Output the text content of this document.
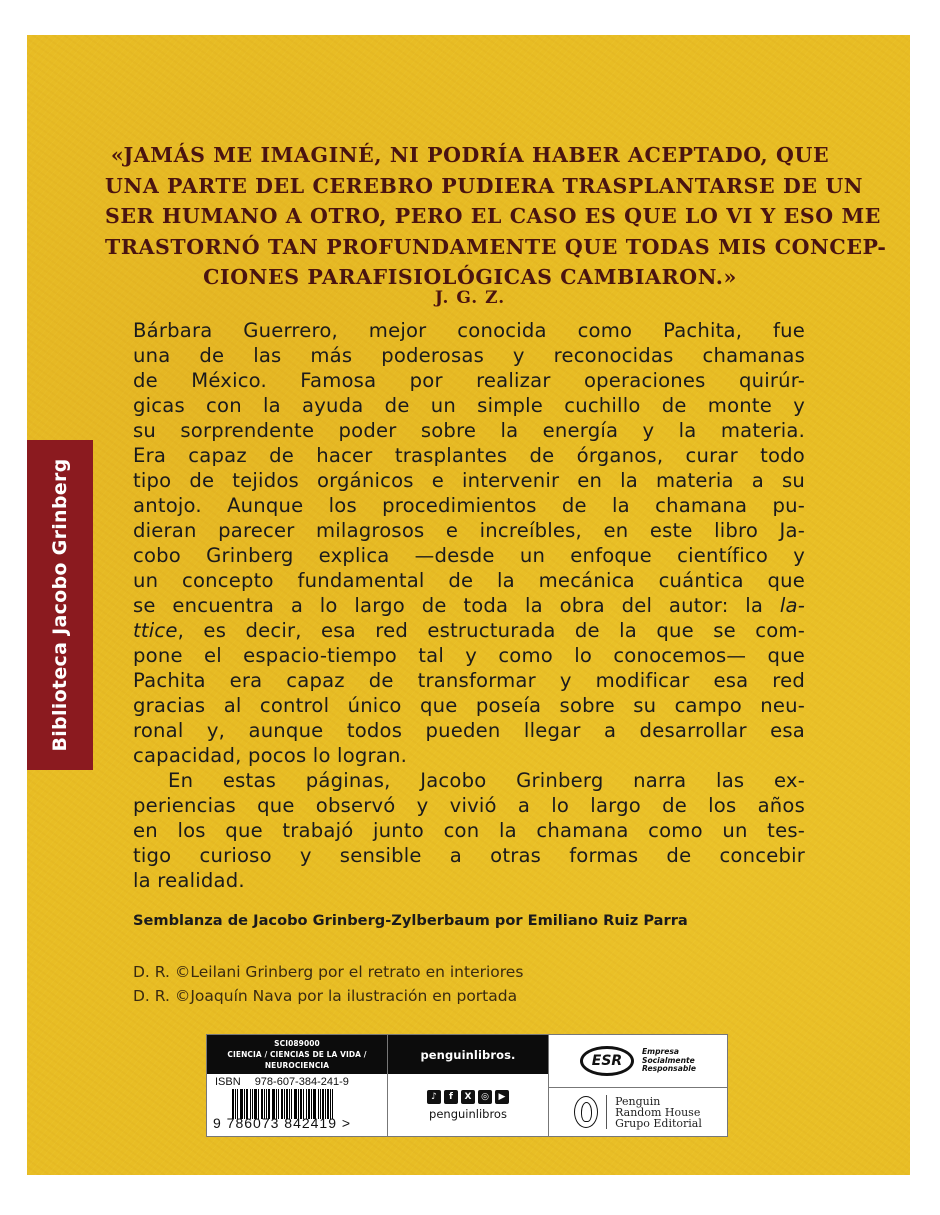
«JAMÁS ME IMAGINÉ, NI PODRÍA HABER ACEPTADO, QUE
UNA PARTE DEL CEREBRO PUDIERA TRASPLANTARSE DE UN
SER HUMANO A OTRO, PERO EL CASO ES QUE LO VI Y ESO ME
TRASTORNÓ TAN PROFUNDAMENTE QUE TODAS MIS CONCEP-
CIONES PARAFISIOLÓGICAS CAMBIARON.»
J. G. Z.
Biblioteca Jacobo Grinberg
Bárbara Guerrero, mejor conocida como Pachita, fue
una de las más poderosas y reconocidas chamanas
de México. Famosa por realizar operaciones quirúr-
gicas con la ayuda de un simple cuchillo de monte y
su sorprendente poder sobre la energía y la materia.
Era capaz de hacer trasplantes de órganos, curar todo
tipo de tejidos orgánicos e intervenir en la materia a su
antojo. Aunque los procedimientos de la chamana pu-
dieran parecer milagrosos e increíbles, en este libro Ja-
cobo Grinberg explica —desde un enfoque científico y
un concepto fundamental de la mecánica cuántica que
se encuentra a lo largo de toda la obra del autor: la la-
ttice, es decir, esa red estructurada de la que se com-
pone el espacio-tiempo tal y como lo conocemos— que
Pachita era capaz de transformar y modificar esa red
gracias al control único que poseía sobre su campo neu-
ronal y, aunque todos pueden llegar a desarrollar esa
capacidad, pocos lo logran.
En estas páginas, Jacobo Grinberg narra las ex-
periencias que observó y vivió a lo largo de los años
en los que trabajó junto con la chamana como un tes-
tigo curioso y sensible a otras formas de concebir
la realidad.
Semblanza de Jacobo Grinberg-Zylberbaum por Emiliano Ruiz Parra
D. R. ©Leilani Grinberg por el retrato en interiores
D. R. ©Joaquín Nava por la ilustración en portada
SCI089000
CIENCIA / CIENCIAS DE LA VIDA /
NEUROCIENCIA
ISBN 978-607-384-241-9
9 786073 842419 >
penguinlibros.
♪	f	X	◎	▶
penguinlibros
ESR
Empresa
Socialmente
Responsable
Penguin
Random House
Grupo Editorial
